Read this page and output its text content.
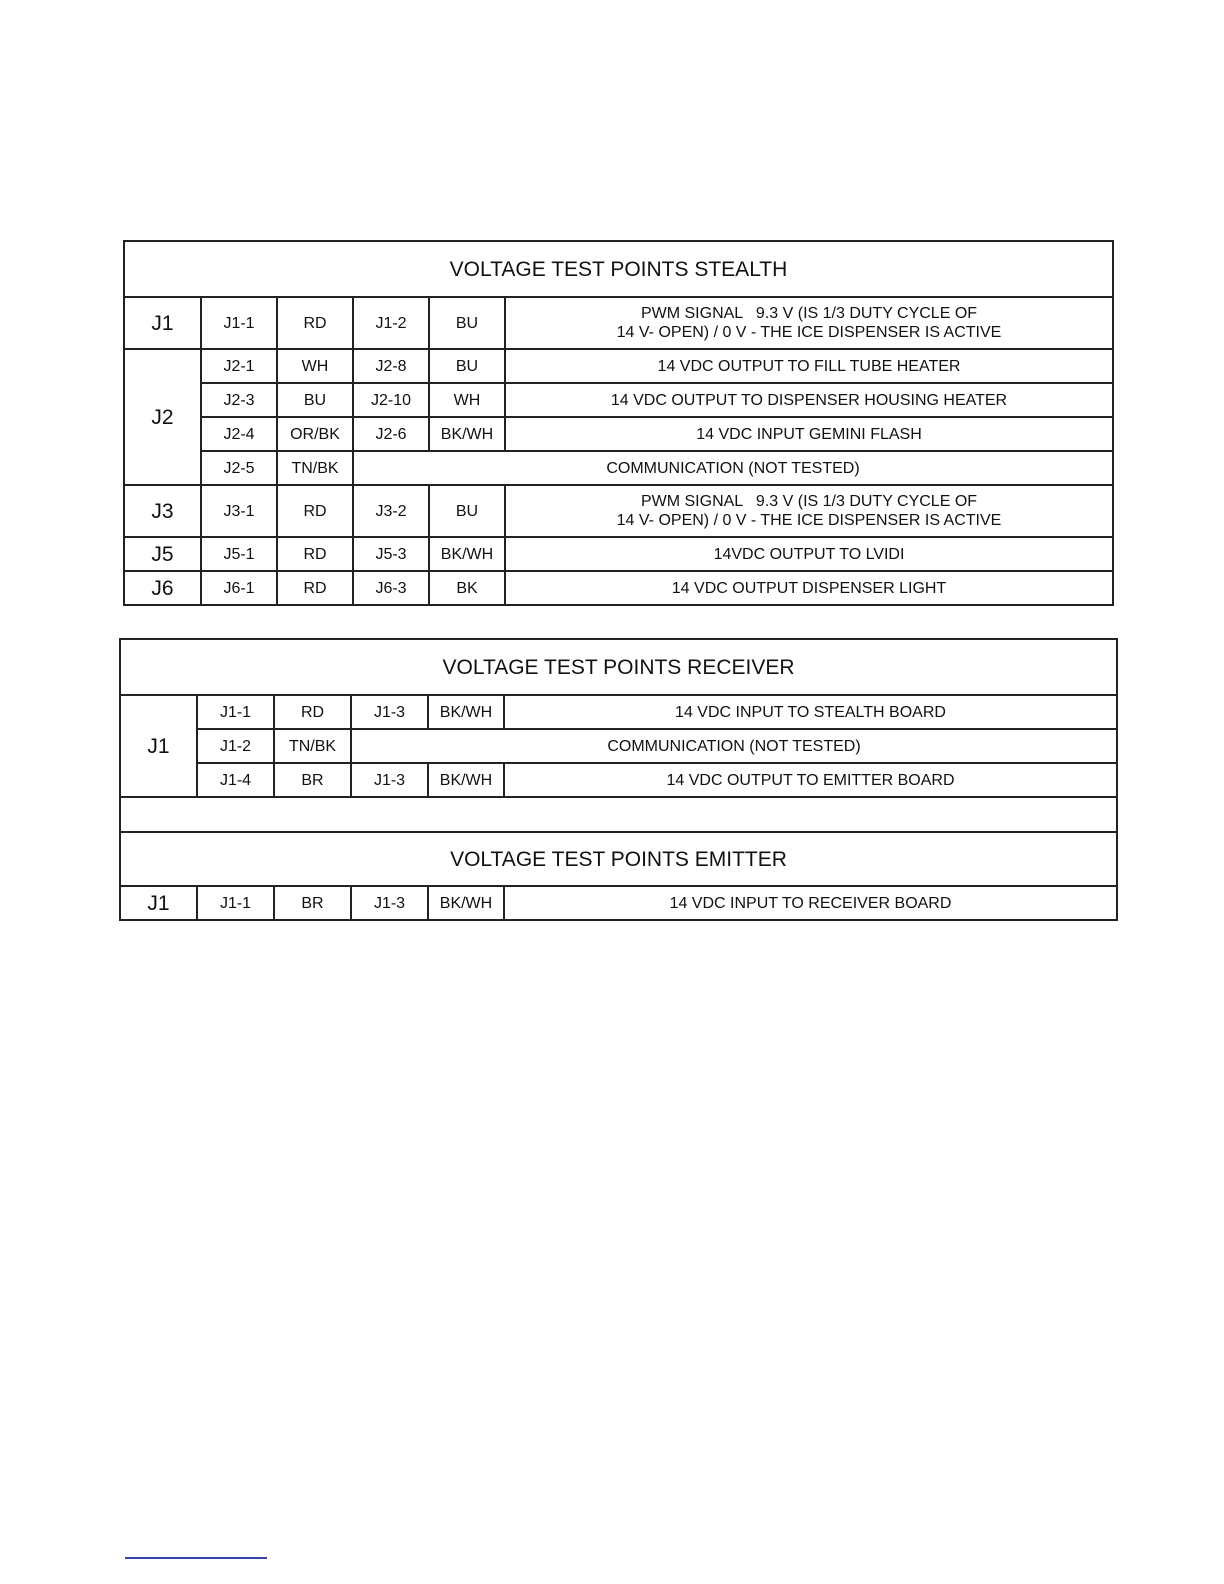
VOLTAGE TEST POINTS STEALTH					
J1	J1-1	RD	J1-2	BU	PWM SIGNAL   9.3 V (IS 1/3 DUTY CYCLE OF
14 V- OPEN) / 0 V - THE ICE DISPENSER IS ACTIVE

J2	J2-1	WH	J2-8	BU	14 VDC OUTPUT TO FILL TUBE HEATER
	J2-3	BU	J2-10	WH	14 VDC OUTPUT TO DISPENSER HOUSING HEATER
	J2-4	OR/BK	J2-6	BK/WH	14 VDC INPUT GEMINI FLASH
	J2-5	TN/BK	COMMUNICATION (NOT TESTED)		
J3	J3-1	RD	J3-2	BU	PWM SIGNAL   9.3 V (IS 1/3 DUTY CYCLE OF
14 V- OPEN) / 0 V - THE ICE DISPENSER IS ACTIVE

J5	J5-1	RD	J5-3	BK/WH	14VDC OUTPUT TO LVIDI
J6	J6-1	RD	J6-3	BK	14 VDC OUTPUT DISPENSER LIGHT
VOLTAGE TEST POINTS RECEIVER					
J1	J1-1	RD	J1-3	BK/WH	14 VDC INPUT TO STEALTH BOARD
	J1-2	TN/BK	COMMUNICATION (NOT TESTED)		
	J1-4	BR	J1-3	BK/WH	14 VDC OUTPUT TO EMITTER BOARD

VOLTAGE TEST POINTS EMITTER					
J1	J1-1	BR	J1-3	BK/WH	14 VDC INPUT TO RECEIVER BOARD
